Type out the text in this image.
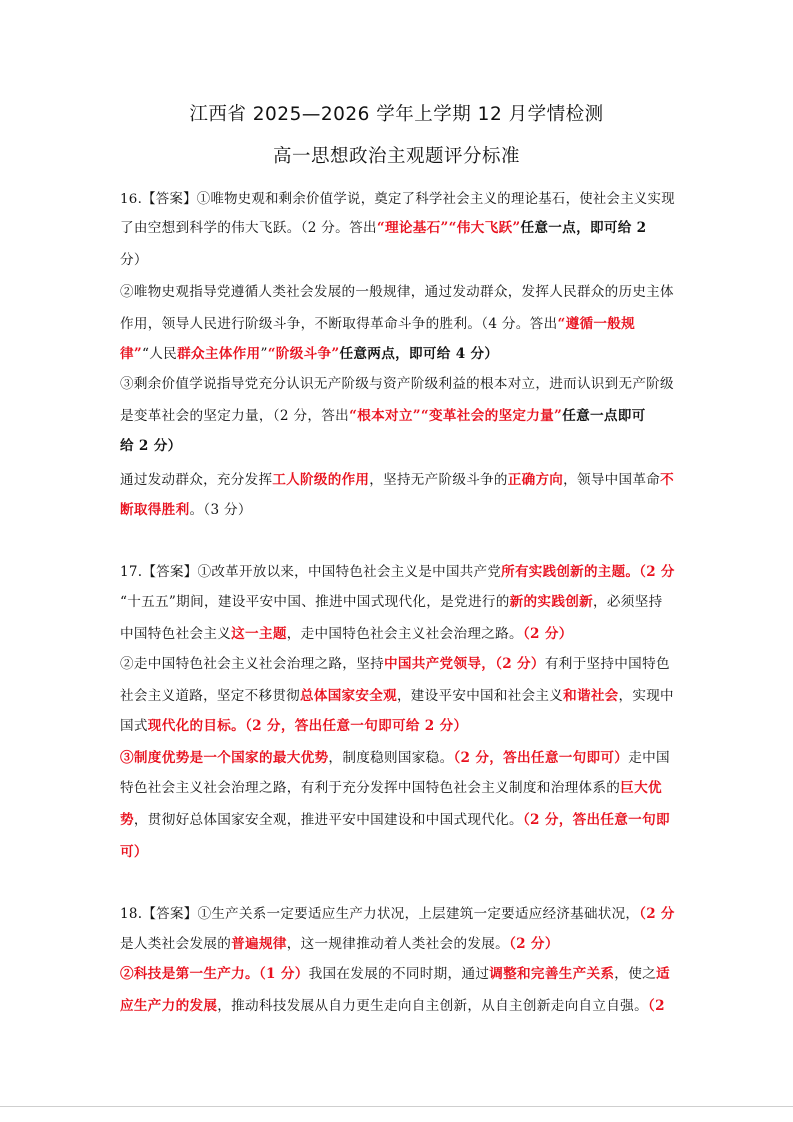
江西省 2025—2026 学年上学期 12 月学情检测
高一思想政治主观题评分标准
16.【答案】①唯物史观和剩余价值学说，奠定了科学社会主义的理论基石，使社会主义实现
了由空想到科学的伟大飞跃。（2 分。答出“理论基石”“伟大飞跃”任意一点，即可给 2
分）
②唯物史观指导党遵循人类社会发展的一般规律，通过发动群众，发挥人民群众的历史主体
作用，领导人民进行阶级斗争，不断取得革命斗争的胜利。（4 分。答出“遵循一般规
律”“人民群众主体作用”“阶级斗争”任意两点，即可给 4 分）
③剩余价值学说指导党充分认识无产阶级与资产阶级利益的根本对立，进而认识到无产阶级
是变革社会的坚定力量，（2 分，答出“根本对立”“变革社会的坚定力量”任意一点即可
给 2 分）
通过发动群众，充分发挥工人阶级的作用，坚持无产阶级斗争的正确方向，领导中国革命不
断取得胜利。（3 分）
17.【答案】①改革开放以来，中国特色社会主义是中国共产党所有实践创新的主题。（2 分
“十五五”期间，建设平安中国、推进中国式现代化，是党进行的新的实践创新，必须坚持
中国特色社会主义这一主题，走中国特色社会主义社会治理之路。（2 分）
②走中国特色社会主义社会治理之路，坚持中国共产党领导，（2 分）有利于坚持中国特色
社会主义道路，坚定不移贯彻总体国家安全观，建设平安中国和社会主义和谐社会，实现中
国式现代化的目标。（2 分，答出任意一句即可给 2 分）
③制度优势是一个国家的最大优势，制度稳则国家稳。（2 分，答出任意一句即可）走中国
特色社会主义社会治理之路，有利于充分发挥中国特色社会主义制度和治理体系的巨大优
势，贯彻好总体国家安全观，推进平安中国建设和中国式现代化。（2 分，答出任意一句即
可）
18.【答案】①生产关系一定要适应生产力状况，上层建筑一定要适应经济基础状况，（2 分
是人类社会发展的普遍规律，这一规律推动着人类社会的发展。（2 分）
②科技是第一生产力。（1 分）我国在发展的不同时期，通过调整和完善生产关系，使之适
应生产力的发展，推动科技发展从自力更生走向自主创新，从自主创新走向自立自强。（2
